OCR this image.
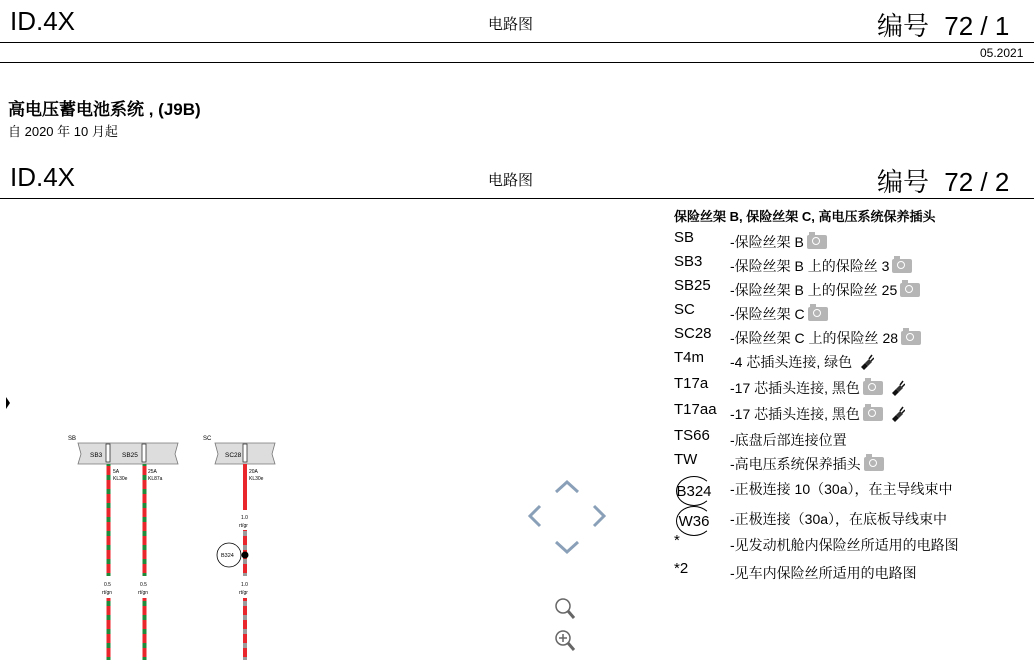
ID.4X	电路图	编号 72 / 1
05.2021
高电压蓄电池系统 , (J9B)
自 2020 年 10 月起
ID.4X	电路图	编号 72 / 2
保险丝架 B, 保险丝架 C, 高电压系统保养插头
SB	-保险丝架 B
SB3 -保险丝架 B 上的保险丝 3
SB25 -保险丝架 B 上的保险丝 25
SC	-保险丝架 C
SC28 -保险丝架 C 上的保险丝 28
T4m -4 芯插头连接, 绿色
T17a -17 芯插头连接, 黑色
T17aa -17 芯插头连接, 黑色
TS66 -底盘后部连接位置
TW -高电压系统保养插头
B324 -正极连接 10（30a），在主导线束中
W36 -正极连接（30a），在底板导线束中
*	-见发动机舱内保险丝所适用的电路图
*2	-见车内保险丝所适用的电路图
SB
SB3	SB25
SC
SC28
5A
KL30e
25A
KL87a
20A
KL30e
0.5
rt/gn
0.5
rt/gn
1.0
rt/gr
1.0
rt/gr
B324
